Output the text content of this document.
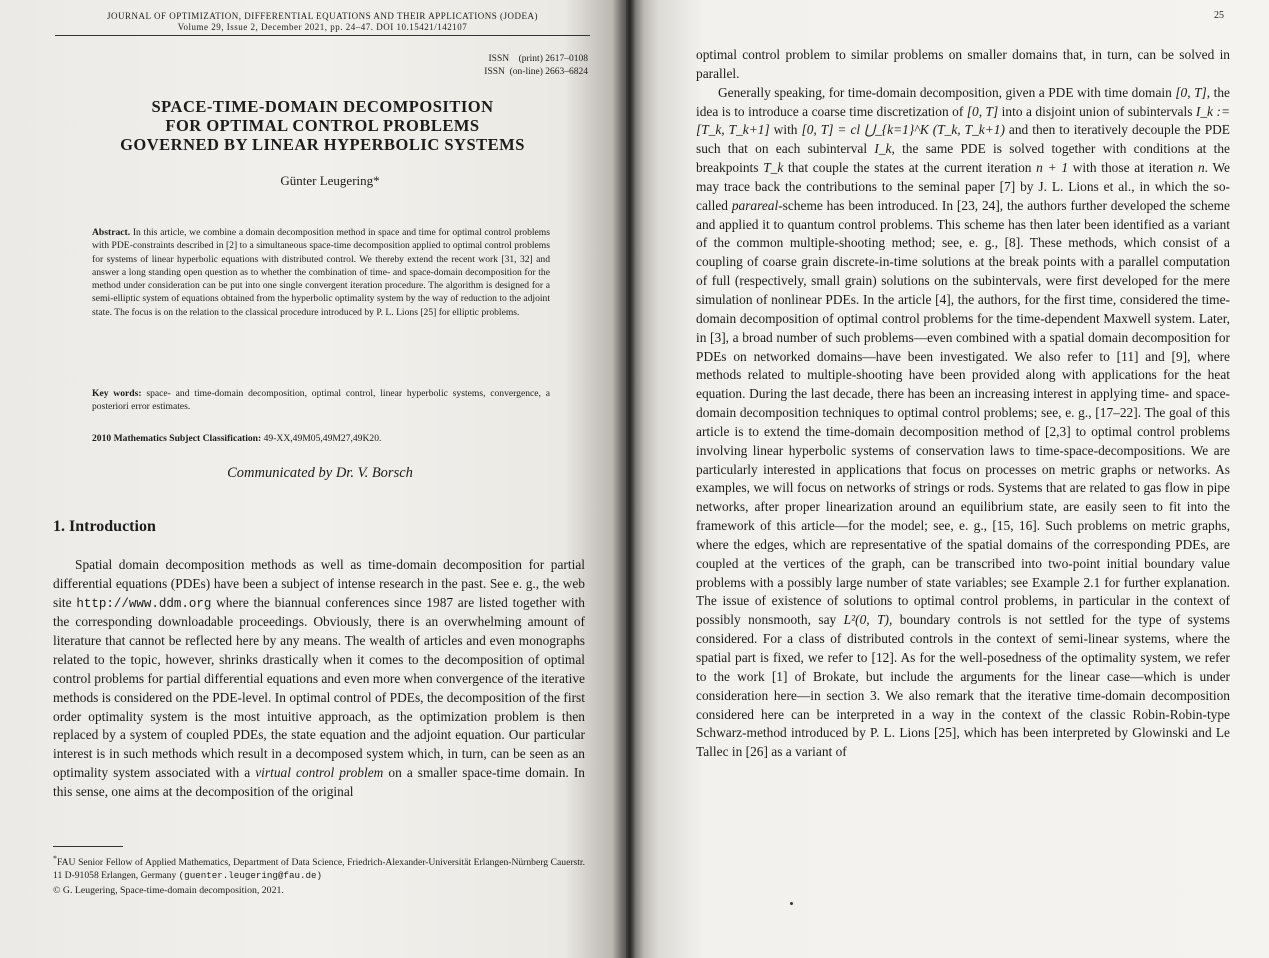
JOURNAL OF OPTIMIZATION, DIFFERENTIAL EQUATIONS AND THEIR APPLICATIONS (JODEA)
Volume 29, Issue 2, December 2021, pp. 24–47. DOI 10.15421/142107
ISSN    (print) 2617–0108
ISSN  (on-line) 2663–6824
SPACE-TIME-DOMAIN DECOMPOSITION
FOR OPTIMAL CONTROL PROBLEMS
GOVERNED BY LINEAR HYPERBOLIC SYSTEMS
Günter Leugering*
Abstract. In this article, we combine a domain decomposition method in space and time for optimal control problems with PDE-constraints described in [2] to a simultaneous space-time decomposition applied to optimal control problems for systems of linear hyperbolic equations with distributed control. We thereby extend the recent work [31, 32] and answer a long standing open question as to whether the combination of time- and space-domain decomposition for the method under consideration can be put into one single convergent iteration procedure. The algorithm is designed for a semi-elliptic system of equations obtained from the hyperbolic optimality system by the way of reduction to the adjoint state. The focus is on the relation to the classical procedure introduced by P. L. Lions [25] for elliptic problems.
Key words: space- and time-domain decomposition, optimal control, linear hyperbolic systems, convergence, a posteriori error estimates.
2010 Mathematics Subject Classification: 49-XX,49M05,49M27,49K20.
Communicated by Dr. V. Borsch
1. Introduction

Spatial domain decomposition methods as well as time-domain decomposition for partial differential equations (PDEs) have been a subject of intense research in the past. See e. g., the web site http://www.ddm.org where the biannual conferences since 1987 are listed together with the corresponding downloadable proceedings. Obviously, there is an overwhelming amount of literature that cannot be reflected here by any means. The wealth of articles and even monographs related to the topic, however, shrinks drastically when it comes to the decomposition of optimal control problems for partial differential equations and even more when convergence of the iterative methods is considered on the PDE-level. In optimal control of PDEs, the decomposition of the first order optimality system is the most intuitive approach, as the optimization problem is then replaced by a system of coupled PDEs, the state equation and the adjoint equation. Our particular interest is in such methods which result in a decomposed system which, in turn, can be seen as an optimality system associated with a virtual control problem on a smaller space-time domain. In this sense, one aims at the decomposition of the original

*FAU Senior Fellow of Applied Mathematics, Department of Data Science, Friedrich-Alexander-Universität Erlangen-Nürnberg Cauerstr. 11 D-91058 Erlangen, Germany (guenter.leugering@fau.de)
© G. Leugering, Space-time-domain decomposition, 2021.
25

optimal control problem to similar problems on smaller domains that, in turn, can be solved in parallel.

Generally speaking, for time-domain decomposition, given a PDE with time domain [0, T], the idea is to introduce a coarse time discretization of [0, T] into a disjoint union of subintervals I_k := [T_k, T_k+1] with [0, T] = cl ⋃_{k=1}^K (T_k, T_k+1) and then to iteratively decouple the PDE such that on each subinterval I_k, the same PDE is solved together with conditions at the breakpoints T_k that couple the states at the current iteration n + 1 with those at iteration n. We may trace back the contributions to the seminal paper [7] by J. L. Lions et al., in which the so-called parareal-scheme has been introduced. In [23, 24], the authors further developed the scheme and applied it to quantum control problems. This scheme has then later been identified as a variant of the common multiple-shooting method; see, e. g., [8]. These methods, which consist of a coupling of coarse grain discrete-in-time solutions at the break points with a parallel computation of full (respectively, small grain) solutions on the subintervals, were first developed for the mere simulation of nonlinear PDEs. In the article [4], the authors, for the first time, considered the time-domain decomposition of optimal control problems for the time-dependent Maxwell system. Later, in [3], a broad number of such problems—even combined with a spatial domain decomposition for PDEs on networked domains—have been investigated. We also refer to [11] and [9], where methods related to multiple-shooting have been provided along with applications for the heat equation. During the last decade, there has been an increasing interest in applying time- and space-domain decomposition techniques to optimal control problems; see, e. g., [17–22]. The goal of this article is to extend the time-domain decomposition method of [2,3] to optimal control problems involving linear hyperbolic systems of conservation laws to time-space-decompositions. We are particularly interested in applications that focus on processes on metric graphs or networks. As examples, we will focus on networks of strings or rods. Systems that are related to gas flow in pipe networks, after proper linearization around an equilibrium state, are easily seen to fit into the framework of this article—for the model; see, e. g., [15, 16]. Such problems on metric graphs, where the edges, which are representative of the spatial domains of the corresponding PDEs, are coupled at the vertices of the graph, can be transcribed into two-point initial boundary value problems with a possibly large number of state variables; see Example 2.1 for further explanation. The issue of existence of solutions to optimal control problems, in particular in the context of possibly nonsmooth, say L²(0, T), boundary controls is not settled for the type of systems considered. For a class of distributed controls in the context of semi-linear systems, where the spatial part is fixed, we refer to [12]. As for the well-posedness of the optimality system, we refer to the work [1] of Brokate, but include the arguments for the linear case—which is under consideration here—in section 3. We also remark that the iterative time-domain decomposition considered here can be interpreted in a way in the context of the classic Robin-Robin-type Schwarz-method introduced by P. L. Lions [25], which has been interpreted by Glowinski and Le Tallec in [26] as a variant of
